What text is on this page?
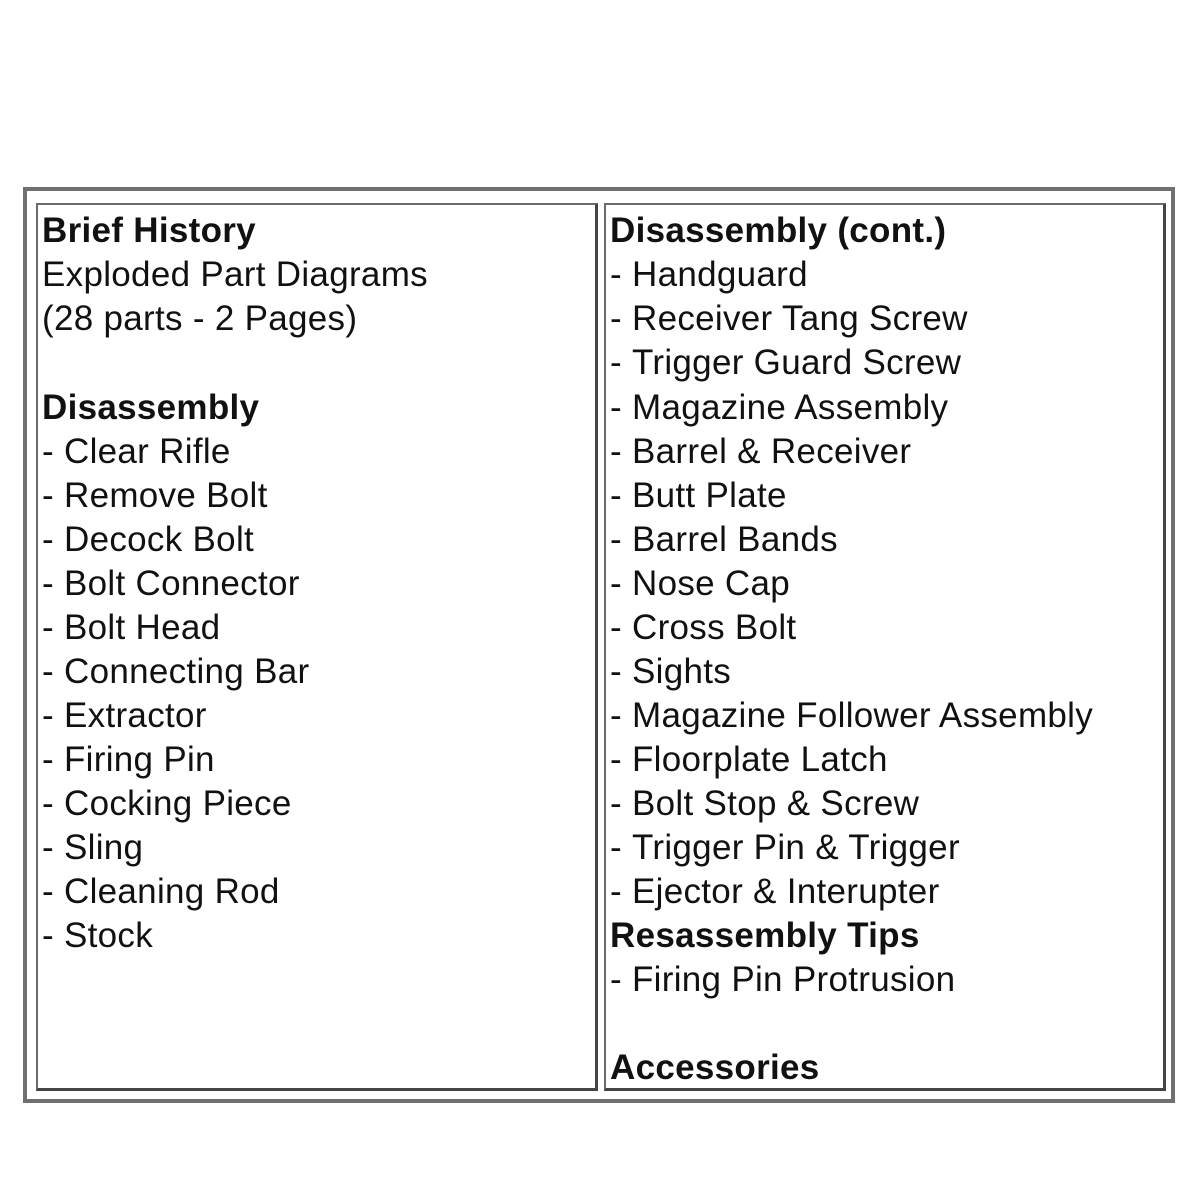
Brief History
Exploded Part Diagrams
(28 parts - 2 Pages)
Disassembly
- Clear Rifle
- Remove Bolt
- Decock Bolt
- Bolt Connector
- Bolt Head
- Connecting Bar
- Extractor
- Firing Pin
- Cocking Piece
- Sling
- Cleaning Rod
- Stock
Disassembly (cont.)
- Handguard
- Receiver Tang Screw
- Trigger Guard Screw
- Magazine Assembly
- Barrel & Receiver
- Butt Plate
- Barrel Bands
- Nose Cap
- Cross Bolt
- Sights
- Magazine Follower Assembly
- Floorplate Latch
- Bolt Stop & Screw
- Trigger Pin & Trigger
- Ejector & Interupter
Resassembly Tips
- Firing Pin Protrusion
Accessories
